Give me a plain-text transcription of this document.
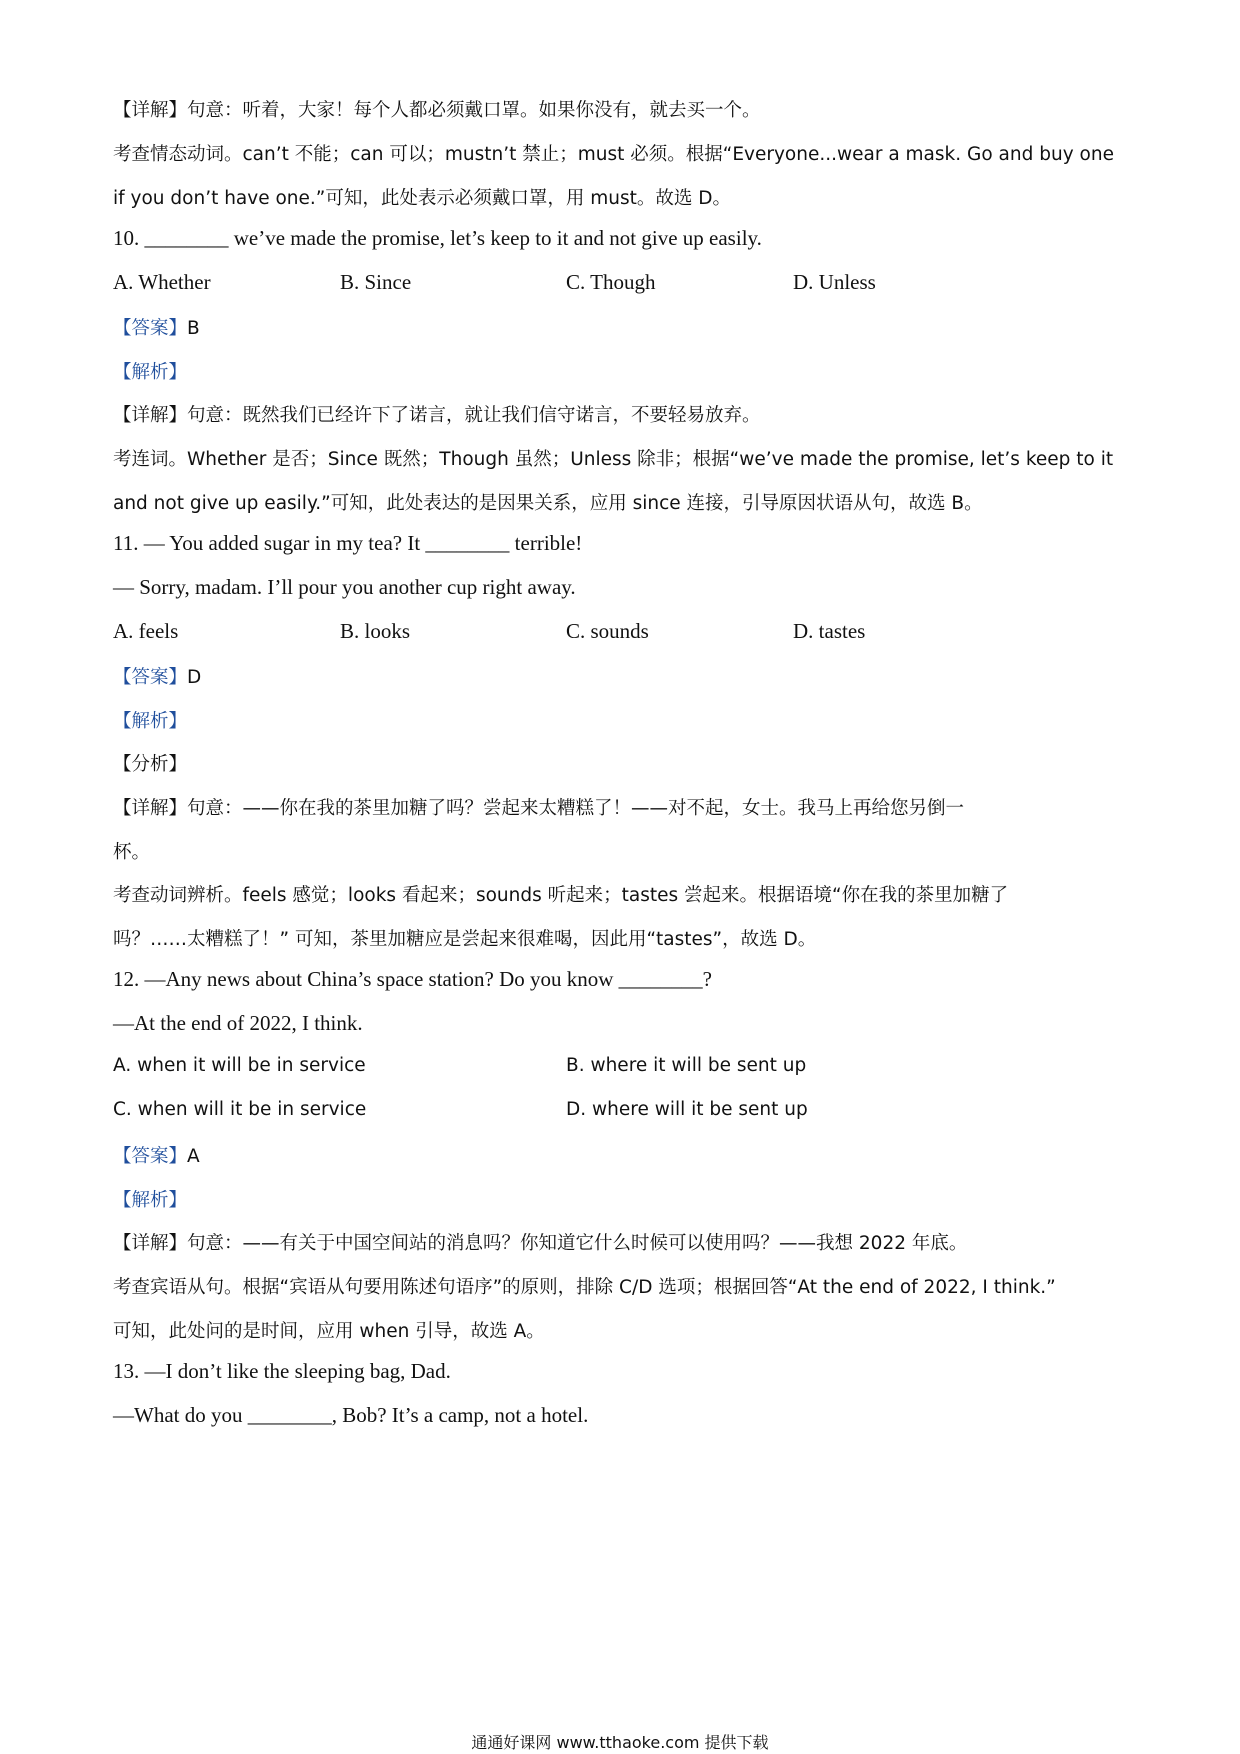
【详解】句意：听着，大家！每个人都必须戴口罩。如果你没有，就去买一个。
考查情态动词。can’t 不能；can 可以；mustn’t 禁止；must 必须。根据“Everyone...wear a mask. Go and buy one
if you don’t have one.”可知，此处表示必须戴口罩，用 must。故选 D。
10. ________ we’ve made the promise, let’s keep to it and not give up easily.
A. Whether	B. Since	C. Though	D. Unless
【答案】B
【解析】
【详解】句意：既然我们已经许下了诺言，就让我们信守诺言，不要轻易放弃。
考连词。Whether 是否；Since 既然；Though 虽然；Unless 除非；根据“we’ve made the promise, let’s keep to it
and not give up easily.”可知，此处表达的是因果关系，应用 since 连接，引导原因状语从句，故选 B。
11. — You added sugar in my tea? It ________ terrible!
— Sorry, madam. I’ll pour you another cup right away.
A. feels	B. looks	C. sounds	D. tastes
【答案】D
【解析】
【分析】
【详解】句意：——你在我的茶里加糖了吗？尝起来太糟糕了！——对不起，女士。我马上再给您另倒一
杯。
考查动词辨析。feels 感觉；looks 看起来；sounds 听起来；tastes 尝起来。根据语境“你在我的茶里加糖了
吗？……太糟糕了！” 可知，茶里加糖应是尝起来很难喝，因此用“tastes”，故选 D。
12. —Any news about China’s space station? Do you know ________?
—At the end of 2022, I think.
A. when it will be in service	B. where it will be sent up
C. when will it be in service	D. where will it be sent up
【答案】A
【解析】
【详解】句意：——有关于中国空间站的消息吗？你知道它什么时候可以使用吗？——我想 2022 年底。
考查宾语从句。根据“宾语从句要用陈述句语序”的原则，排除 C/D 选项；根据回答“At the end of 2022, I think.”
可知，此处问的是时间，应用 when 引导，故选 A。
13. —I don’t like the sleeping bag, Dad.
—What do you ________, Bob? It’s a camp, not a hotel.
通通好课网 www.tthaoke.com 提供下载
